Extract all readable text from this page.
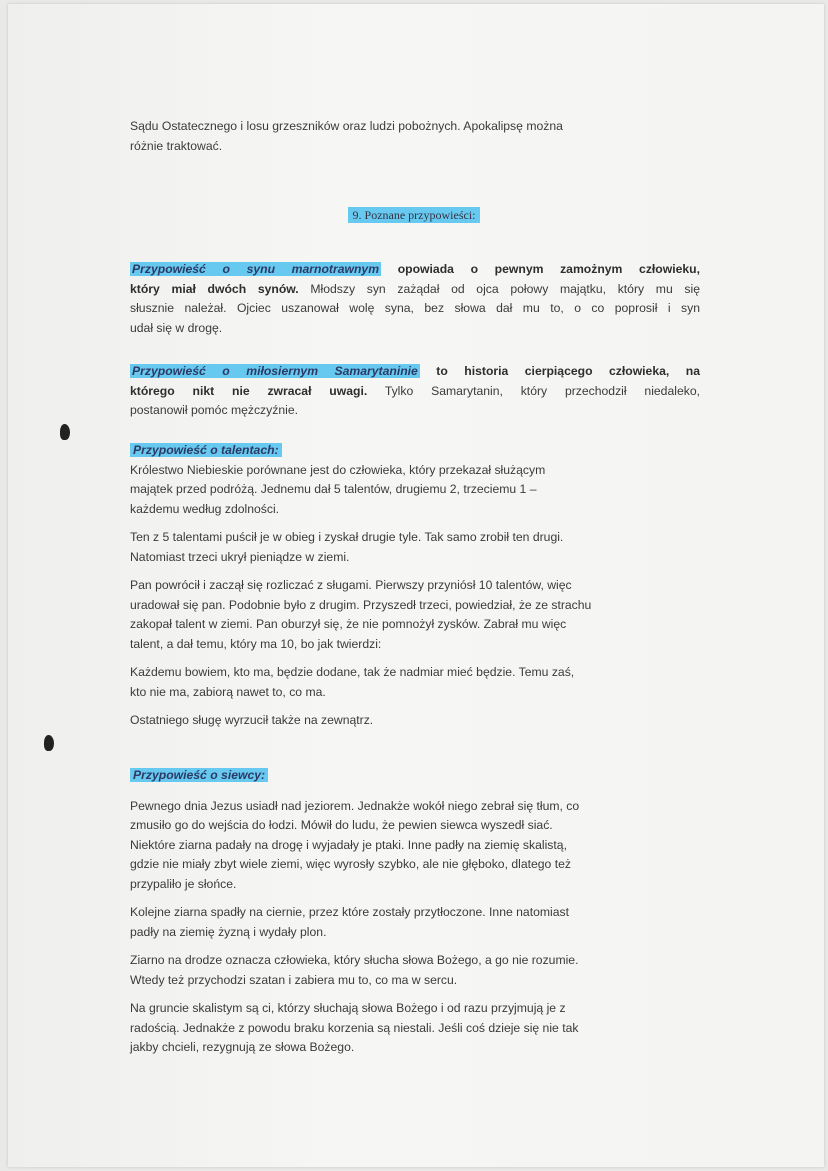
Sądu Ostatecznego i losu grzeszników oraz ludzi pobożnych. Apokalipsę można
różnie traktować.
9. Poznane przypowieści:
Przypowieść o synu marnotrawnym opowiada o pewnym zamożnym człowieku,
który miał dwóch synów. Młodszy syn zażądał od ojca połowy majątku, który mu się
słusznie należał. Ojciec uszanował wolę syna, bez słowa dał mu to, o co poprosił i syn
udał się w drogę.
Przypowieść o miłosiernym Samarytaninie to historia cierpiącego człowieka, na
którego nikt nie zwracał uwagi. Tylko Samarytanin, który przechodził niedaleko,
postanowił pomóc mężczyźnie.
Przypowieść o talentach:
Królestwo Niebieskie porównane jest do człowieka, który przekazał służącym
majątek przed podróżą. Jednemu dał 5 talentów, drugiemu 2, trzeciemu 1 –
każdemu według zdolności.
Ten z 5 talentami puścił je w obieg i zyskał drugie tyle. Tak samo zrobił ten drugi.
Natomiast trzeci ukrył pieniądze w ziemi.
Pan powrócił i zaczął się rozliczać z sługami. Pierwszy przyniósł 10 talentów, więc
uradował się pan. Podobnie było z drugim. Przyszedł trzeci, powiedział, że ze strachu
zakopał talent w ziemi. Pan oburzył się, że nie pomnożył zysków. Zabrał mu więc
talent, a dał temu, który ma 10, bo jak twierdzi:
Każdemu bowiem, kto ma, będzie dodane, tak że nadmiar mieć będzie. Temu zaś,
kto nie ma, zabiorą nawet to, co ma.
Ostatniego sługę wyrzucił także na zewnątrz.
Przypowieść o siewcy:
Pewnego dnia Jezus usiadł nad jeziorem. Jednakże wokół niego zebrał się tłum, co
zmusiło go do wejścia do łodzi. Mówił do ludu, że pewien siewca wyszedł siać.
Niektóre ziarna padały na drogę i wyjadały je ptaki. Inne padły na ziemię skalistą,
gdzie nie miały zbyt wiele ziemi, więc wyrosły szybko, ale nie głęboko, dlatego też
przypaliło je słońce.
Kolejne ziarna spadły na ciernie, przez które zostały przytłoczone. Inne natomiast
padły na ziemię żyzną i wydały plon.
Ziarno na drodze oznacza człowieka, który słucha słowa Bożego, a go nie rozumie.
Wtedy też przychodzi szatan i zabiera mu to, co ma w sercu.
Na gruncie skalistym są ci, którzy słuchają słowa Bożego i od razu przyjmują je z
radością. Jednakże z powodu braku korzenia są niestali. Jeśli coś dzieje się nie tak
jakby chcieli, rezygnują ze słowa Bożego.
